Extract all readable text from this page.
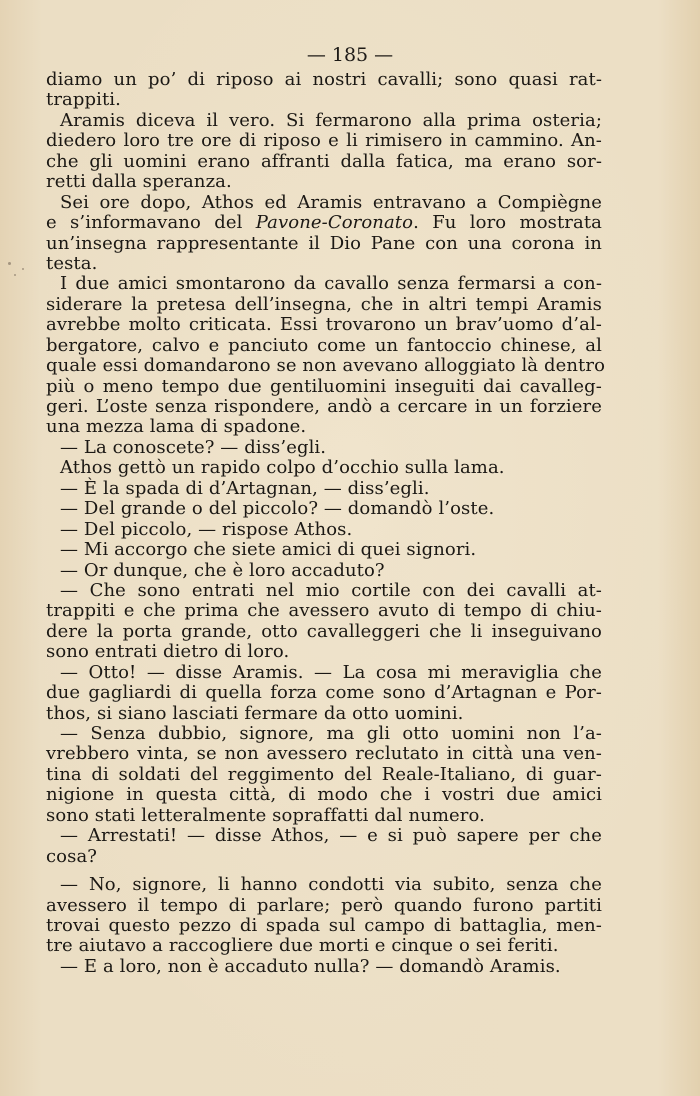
— 185 —
diamo un po’ di riposo ai nostri cavalli; sono quasi rat-
trappiti.
Aramis diceva il vero. Si fermarono alla prima osteria;
diedero loro tre ore di riposo e li rimisero in cammino. An-
che gli uomini erano affranti dalla fatica, ma erano sor-
retti dalla speranza.
Sei ore dopo, Athos ed Aramis entravano a Compiègne
e s’informavano del Pavone-Coronato. Fu loro mostrata
un’insegna rappresentante il Dio Pane con una corona in
testa.
I due amici smontarono da cavallo senza fermarsi a con-
siderare la pretesa dell’insegna, che in altri tempi Aramis
avrebbe molto criticata. Essi trovarono un brav’uomo d’al-
bergatore, calvo e panciuto come un fantoccio chinese, al
quale essi domandarono se non avevano alloggiato là dentro
più o meno tempo due gentiluomini inseguiti dai cavalleg-
geri. L’oste senza rispondere, andò a cercare in un forziere
una mezza lama di spadone.
— La conoscete? — diss’egli.
Athos gettò un rapido colpo d’occhio sulla lama.
— È la spada di d’Artagnan, — diss’egli.
— Del grande o del piccolo? — domandò l’oste.
— Del piccolo, — rispose Athos.
— Mi accorgo che siete amici di quei signori.
— Or dunque, che è loro accaduto?
— Che sono entrati nel mio cortile con dei cavalli at-
trappiti e che prima che avessero avuto di tempo di chiu-
dere la porta grande, otto cavalleggeri che li inseguivano
sono entrati dietro di loro.
— Otto! — disse Aramis. — La cosa mi meraviglia che
due gagliardi di quella forza come sono d’Artagnan e Por-
thos, si siano lasciati fermare da otto uomini.
— Senza dubbio, signore, ma gli otto uomini non l’a-
vrebbero vinta, se non avessero reclutato in città una ven-
tina di soldati del reggimento del Reale-Italiano, di guar-
nigione in questa città, di modo che i vostri due amici
sono stati letteralmente sopraffatti dal numero.
— Arrestati! — disse Athos, — e si può sapere per che
cosa?
— No, signore, li hanno condotti via subito, senza che
avessero il tempo di parlare; però quando furono partiti
trovai questo pezzo di spada sul campo di battaglia, men-
tre aiutavo a raccogliere due morti e cinque o sei feriti.
— E a loro, non è accaduto nulla? — domandò Aramis.
